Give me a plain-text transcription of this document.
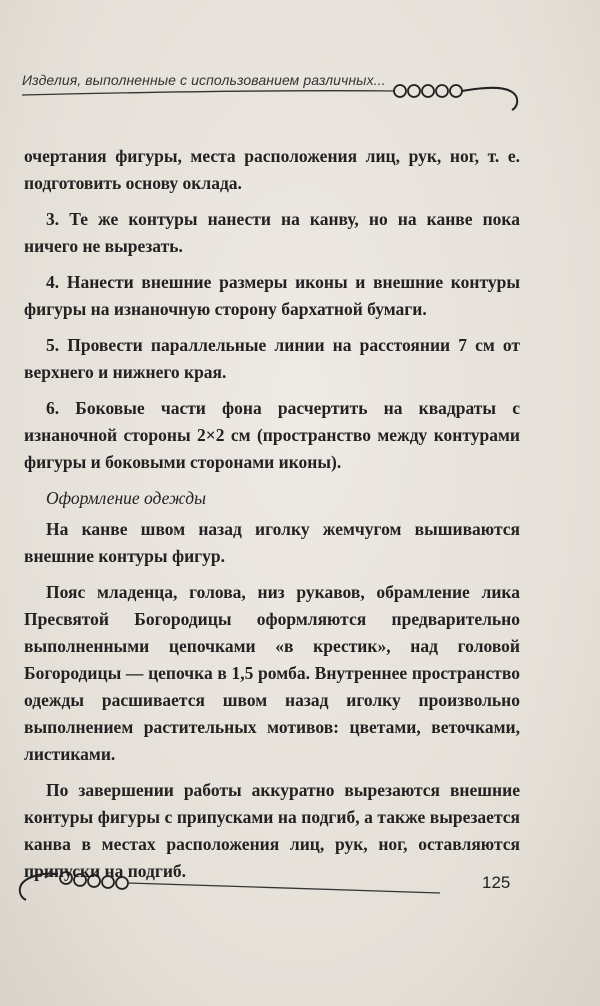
Изделия, выполненные с использованием различных...

очертания фигуры, места расположения лиц, рук, ног, т. е. подготовить основу оклада.

3. Те же контуры нанести на канву, но на канве пока ничего не вырезать.

4. Нанести внешние размеры иконы и внешние контуры фигуры на изнаночную сторону бархатной бумаги.

5. Провести параллельные линии на расстоянии 7 см от верхнего и нижнего края.

6. Боковые части фона расчертить на квадраты с изнаночной стороны 2×2 см (пространство между контурами фигуры и боковыми сторонами иконы).

Оформление одежды

На канве швом назад иголку жемчугом вышиваются внешние контуры фигур.

Пояс младенца, голова, низ рукавов, обрамление лика Пресвятой Богородицы оформляются предварительно выполненными цепочками «в крестик», над головой Богородицы — цепочка в 1,5 ромба. Внутреннее пространство одежды расшивается швом назад иголку произвольно выполнением растительных мотивов: цветами, веточками, листиками.

По завершении работы аккуратно вырезаются внешние контуры фигуры с припусками на подгиб, а также вырезается канва в местах расположения лиц, рук, ног, оставляются припуски на подгиб.

125
